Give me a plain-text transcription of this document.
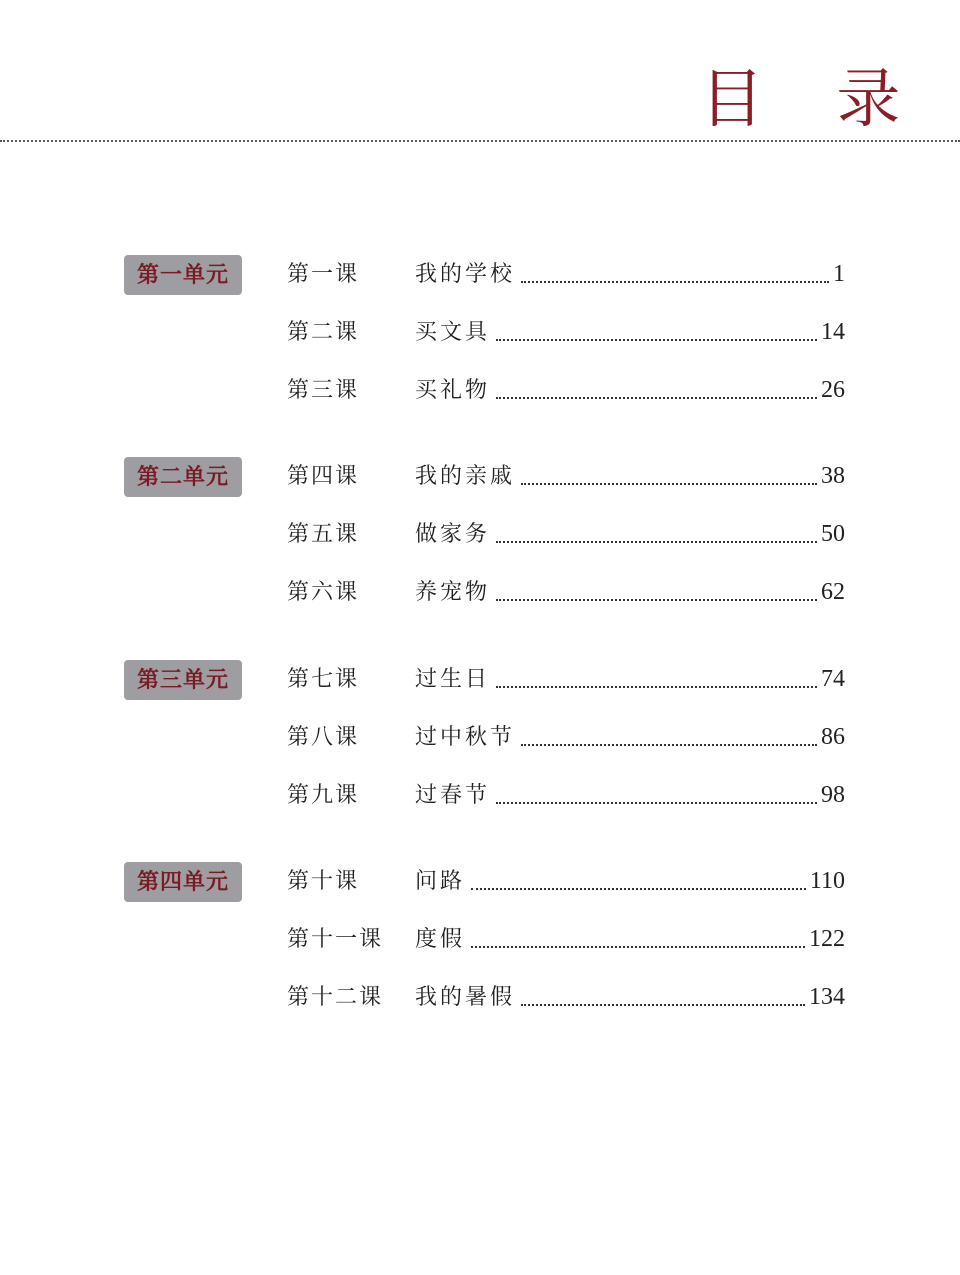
目 录
第一单元	第一课	我的学校	1
第二课	买文具	14
第三课	买礼物	26
第二单元	第四课	我的亲戚	38
第五课	做家务	50
第六课	养宠物	62
第三单元	第七课	过生日	74
第八课	过中秋节	86
第九课	过春节	98
第四单元	第十课	问路	110
第十一课	度假	122
第十二课	我的暑假	134
